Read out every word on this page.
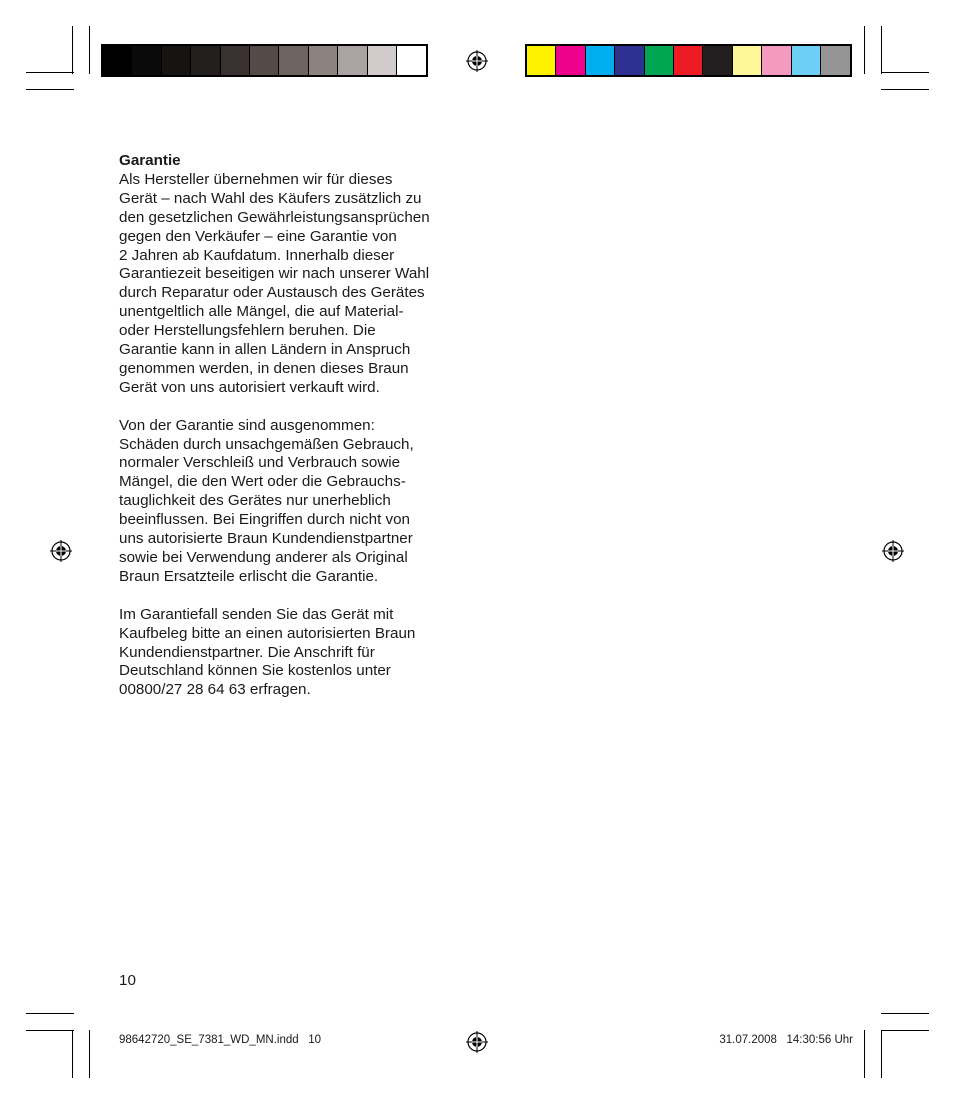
Garantie

Als Hersteller übernehmen wir für dieses
Gerät – nach Wahl des Käufers zusätzlich zu
den gesetzlichen Gewährleistungsansprüchen
gegen den Verkäufer – eine Garantie von
2 Jahren ab Kaufdatum. Innerhalb dieser
Garantiezeit beseitigen wir nach unserer Wahl
durch Reparatur oder Austausch des Gerätes
unentgeltlich alle Mängel, die auf Material-
oder Herstellungsfehlern beruhen. Die
Garantie kann in allen Ländern in Anspruch
genommen werden, in denen dieses Braun
Gerät von uns autorisiert verkauft wird.

Von der Garantie sind ausgenommen:
Schäden durch unsachgemäßen Gebrauch,
normaler Verschleiß und Verbrauch sowie
Mängel, die den Wert oder die Gebrauchs-
tauglichkeit des Gerätes nur unerheblich
beeinflussen. Bei Eingriffen durch nicht von
uns autorisierte Braun Kundendienstpartner
sowie bei Verwendung anderer als Original
Braun Ersatzteile erlischt die Garantie.

Im Garantiefall senden Sie das Gerät mit
Kaufbeleg bitte an einen autorisierten Braun
Kundendienstpartner. Die Anschrift für
Deutschland können Sie kostenlos unter
00800/27 28 64 63 erfragen.

10
98642720_SE_7381_WD_MN.indd   10	31.07.2008   14:30:56 Uhr
